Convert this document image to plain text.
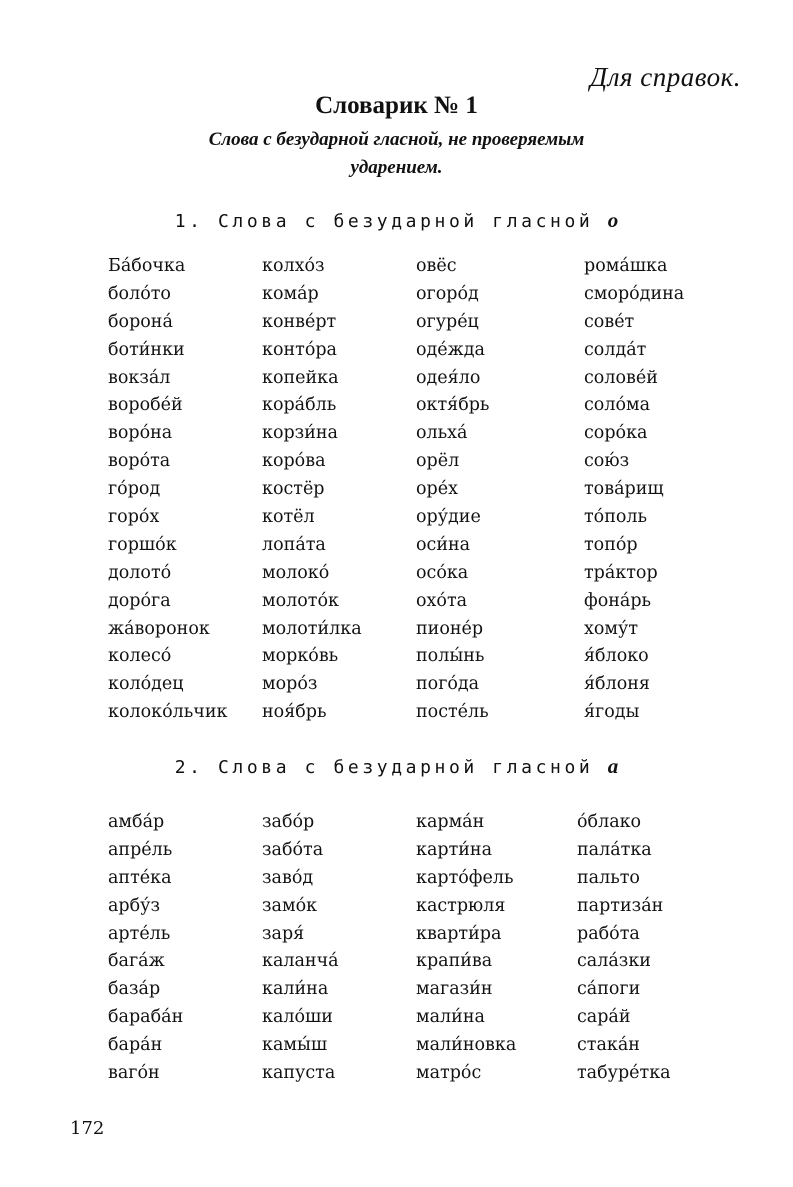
Для справок.
Словарик № 1
Слова с безударной гласной, не проверяемым
ударением.
1. Слова с безударной гласной о
Ба́бочка
боло́то
борона́
боти́нки
вокза́л
воробе́й
воро́на
воро́та
го́род
горо́х
горшо́к
долото́
доро́га
жа́воронок
колесо́
коло́дец
колоко́льчик
колхо́з
кома́р
конве́рт
конто́ра
копейка
кора́бль
корзи́на
коро́ва
костёр
котёл
лопа́та
молоко́
молото́к
молоти́лка
морко́вь
моро́з
ноя́брь
овёс
огоро́д
огуре́ц
оде́жда
одея́ло
октя́брь
ольха́
орёл
оре́х
ору́дие
оси́на
осо́ка
охо́та
пионе́р
полы́нь
пого́да
посте́ль
рома́шка
сморо́дина
сове́т
солда́т
солове́й
соло́ма
соро́ка
сою́з
това́рищ
то́поль
топо́р
тра́ктор
фона́рь
хому́т
я́блоко
я́блоня
я́годы
2. Слова с безударной гласной а
амба́р
апре́ль
апте́ка
арбу́з
арте́ль
бага́ж
база́р
бараба́н
бара́н
ваго́н
забо́р
забо́та
заво́д
замо́к
заря́
каланча́
кали́на
кало́ши
камы́ш
капуста
карма́н
карти́на
карто́фель
кастрюля
кварти́ра
крапи́ва
магази́н
мали́на
мали́новка
матро́с
о́блако
пала́тка
пальто
партиза́н
рабо́та
сала́зки
са́поги
сара́й
стака́н
табуре́тка
172
